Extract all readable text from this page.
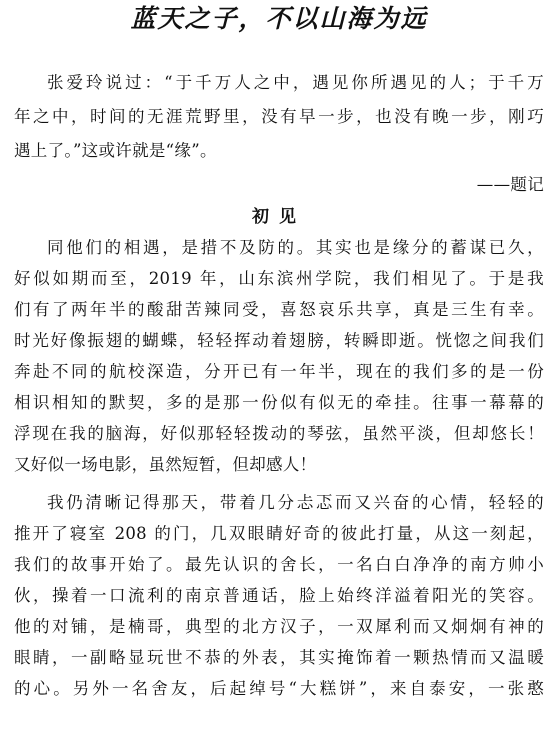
蓝天之子，不以山海为远
张爱玲说过：“于千万人之中，遇见你所遇见的人；于千万
年之中，时间的无涯荒野里，没有早一步，也没有晚一步，刚巧
遇上了。”这或许就是“缘”。
——题记
初见
同他们的相遇，是措不及防的。其实也是缘分的蓄谋已久，
好似如期而至，2019 年，山东滨州学院，我们相见了。于是我
们有了两年半的酸甜苦辣同受，喜怒哀乐共享，真是三生有幸。
时光好像振翅的蝴蝶，轻轻挥动着翅膀，转瞬即逝。恍惚之间我们
奔赴不同的航校深造，分开已有一年半，现在的我们多的是一份
相识相知的默契，多的是那一份似有似无的牵挂。往事一幕幕的
浮现在我的脑海，好似那轻轻拨动的琴弦，虽然平淡，但却悠长！
又好似一场电影，虽然短暂，但却感人！
我仍清晰记得那天，带着几分忐忑而又兴奋的心情，轻轻的
推开了寝室 208 的门，几双眼睛好奇的彼此打量，从这一刻起，
我们的故事开始了。最先认识的舍长，一名白白净净的南方帅小
伙，操着一口流利的南京普通话，脸上始终洋溢着阳光的笑容。
他的对铺，是楠哥，典型的北方汉子，一双犀利而又炯炯有神的
眼睛，一副略显玩世不恭的外表，其实掩饰着一颗热情而又温暖
的心。另外一名舍友，后起绰号“大糕饼”，来自泰安，一张憨
